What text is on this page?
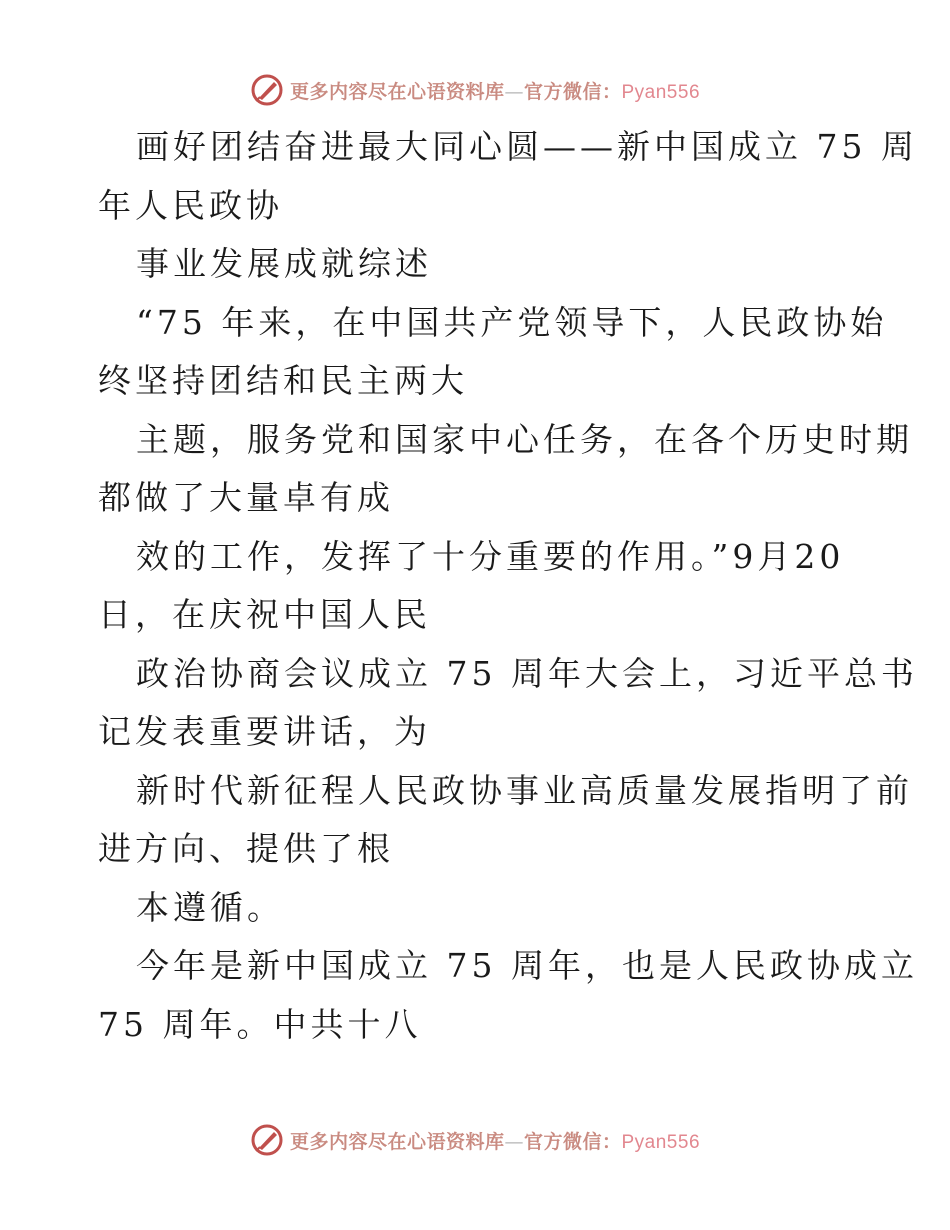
更多内容尽在心语资料库—官方微信：Pyan556
画好团结奋进最大同心圆——新中国成立 75 周
年人民政协
事业发展成就综述
“75 年来，在中国共产党领导下，人民政协始
终坚持团结和民主两大
主题，服务党和国家中心任务，在各个历史时期
都做了大量卓有成
效的工作，发挥了十分重要的作用。”9月20
日，在庆祝中国人民
政治协商会议成立 75 周年大会上，习近平总书
记发表重要讲话，为
新时代新征程人民政协事业高质量发展指明了前
进方向、提供了根
本遵循。
今年是新中国成立 75 周年，也是人民政协成立
75 周年。中共十八
更多内容尽在心语资料库—官方微信：Pyan556
